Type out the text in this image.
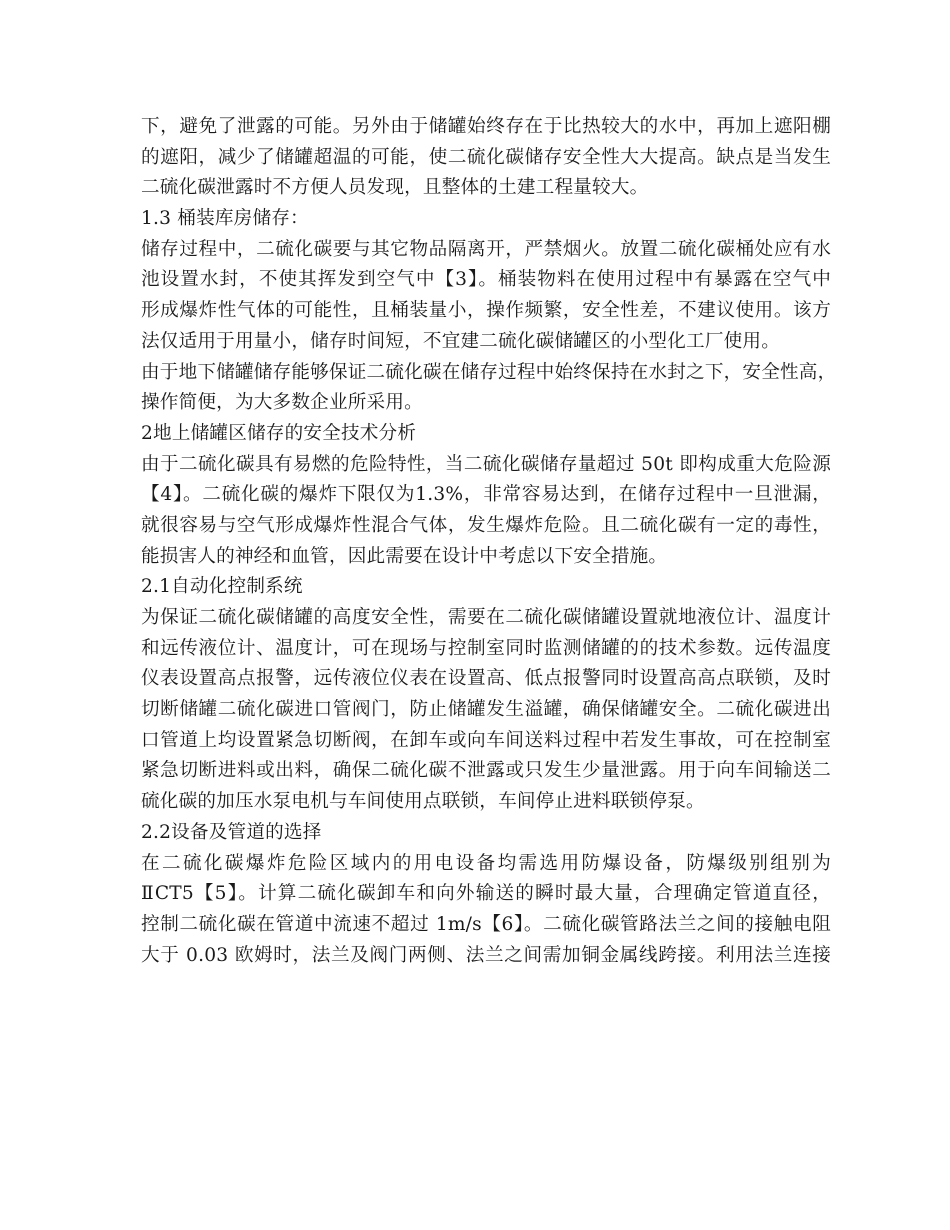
下，避免了泄露的可能。另外由于储罐始终存在于比热较大的水中，再加上遮阳棚
的遮阳，减少了储罐超温的可能，使二硫化碳储存安全性大大提高。缺点是当发生
二硫化碳泄露时不方便人员发现，且整体的土建工程量较大。
1.3 桶装库房储存：
储存过程中，二硫化碳要与其它物品隔离开，严禁烟火。放置二硫化碳桶处应有水
池设置水封，不使其挥发到空气中【3】。桶装物料在使用过程中有暴露在空气中
形成爆炸性气体的可能性，且桶装量小，操作频繁，安全性差，不建议使用。该方
法仅适用于用量小，储存时间短，不宜建二硫化碳储罐区的小型化工厂使用。
由于地下储罐储存能够保证二硫化碳在储存过程中始终保持在水封之下，安全性高，
操作简便，为大多数企业所采用。
2地上储罐区储存的安全技术分析
由于二硫化碳具有易燃的危险特性，当二硫化碳储存量超过 50t 即构成重大危险源
【4】。二硫化碳的爆炸下限仅为1.3%，非常容易达到，在储存过程中一旦泄漏，
就很容易与空气形成爆炸性混合气体，发生爆炸危险。且二硫化碳有一定的毒性，
能损害人的神经和血管，因此需要在设计中考虑以下安全措施。
2.1自动化控制系统
为保证二硫化碳储罐的高度安全性，需要在二硫化碳储罐设置就地液位计、温度计
和远传液位计、温度计，可在现场与控制室同时监测储罐的的技术参数。远传温度
仪表设置高点报警，远传液位仪表在设置高、低点报警同时设置高高点联锁，及时
切断储罐二硫化碳进口管阀门，防止储罐发生溢罐，确保储罐安全。二硫化碳进出
口管道上均设置紧急切断阀，在卸车或向车间送料过程中若发生事故，可在控制室
紧急切断进料或出料，确保二硫化碳不泄露或只发生少量泄露。用于向车间输送二
硫化碳的加压水泵电机与车间使用点联锁，车间停止进料联锁停泵。
2.2设备及管道的选择
在二硫化碳爆炸危险区域内的用电设备均需选用防爆设备，防爆级别组别为
ⅡCT5【5】。计算二硫化碳卸车和向外输送的瞬时最大量，合理确定管道直径，
控制二硫化碳在管道中流速不超过 1m/s【6】。二硫化碳管路法兰之间的接触电阻
大于 0.03 欧姆时，法兰及阀门两侧、法兰之间需加铜金属线跨接。利用法兰连接
